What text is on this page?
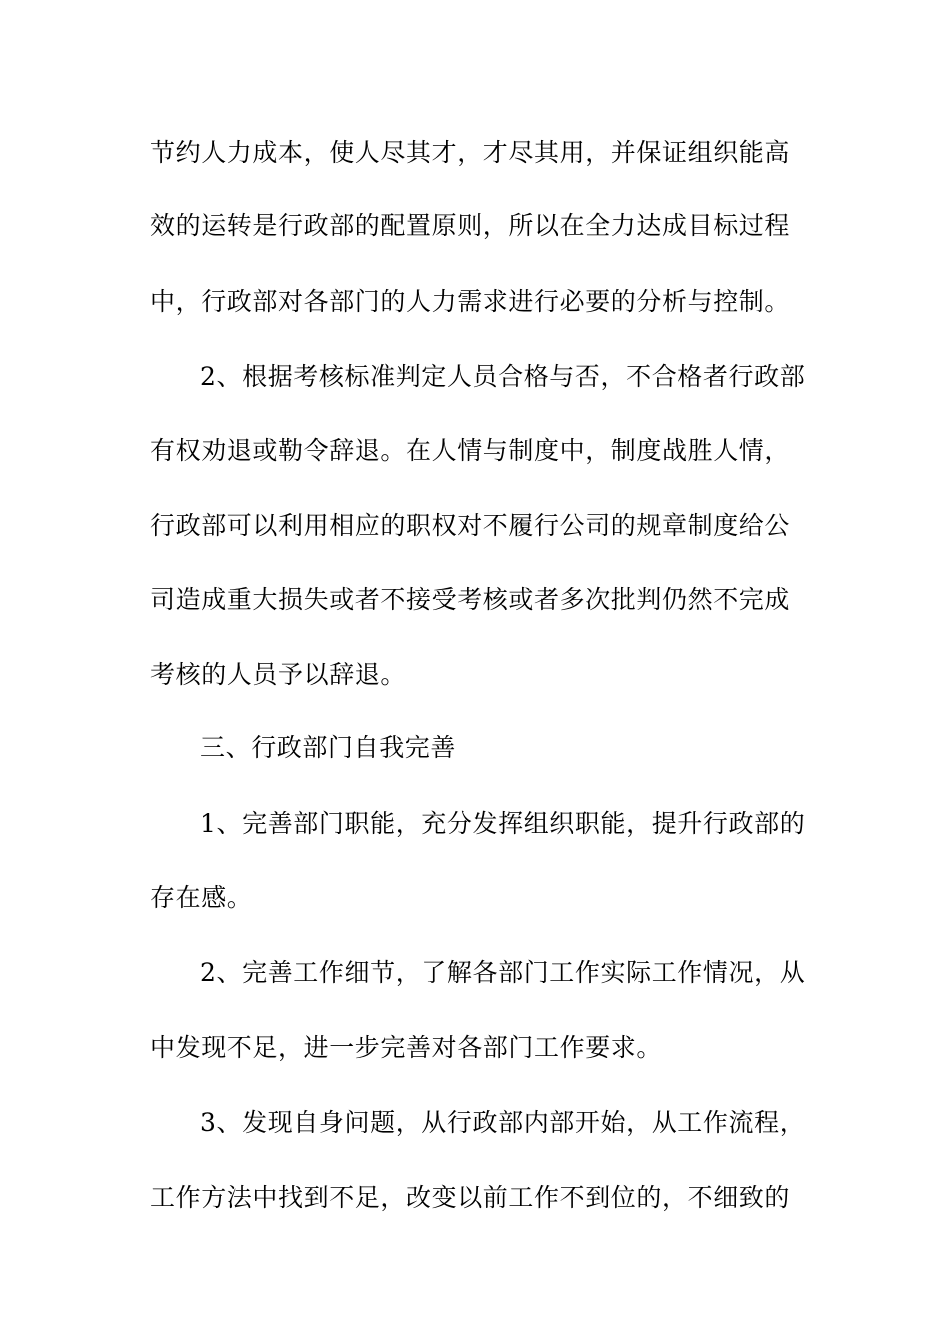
节约人力成本，使人尽其才，才尽其用，并保证组织能高
效的运转是行政部的配置原则，所以在全力达成目标过程
中，行政部对各部门的人力需求进行必要的分析与控制。
2、根据考核标准判定人员合格与否，不合格者行政部
有权劝退或勒令辞退。在人情与制度中，制度战胜人情，
行政部可以利用相应的职权对不履行公司的规章制度给公
司造成重大损失或者不接受考核或者多次批判仍然不完成
考核的人员予以辞退。
三、行政部门自我完善
1、完善部门职能，充分发挥组织职能，提升行政部的
存在感。
2、完善工作细节，了解各部门工作实际工作情况，从
中发现不足，进一步完善对各部门工作要求。
3、发现自身问题，从行政部内部开始，从工作流程，
工作方法中找到不足，改变以前工作不到位的，不细致的
